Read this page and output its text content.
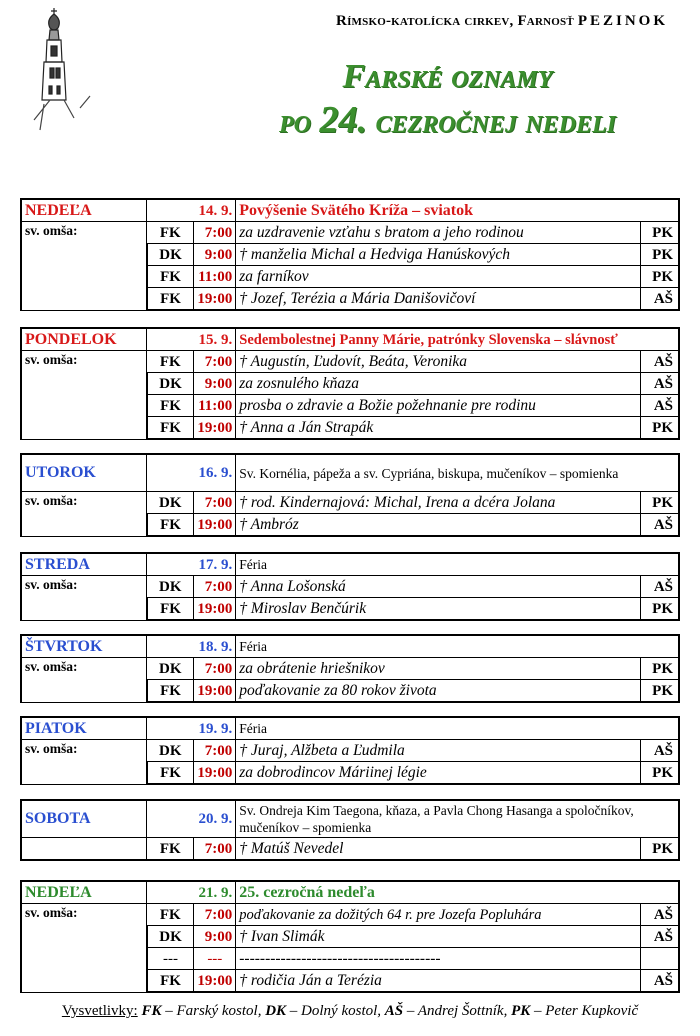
Rímsko-katolícka cirkev, Farnosť PEZINOK
Farské oznamy
po 24. cezročnej nedeli
NEDEĽA	14. 9.		Povýšenie Svätého Kríža – sviatok	
sv. omša:	FK	7:00	za uzdravenie vzťahu s bratom a jeho rodinou	PK
	DK	9:00	† manželia Michal a Hedviga Hanúskových	PK
	FK	11:00	za farníkov	PK
	FK	19:00	† Jozef, Terézia a Mária Danišovičoví	AŠ
PONDELOK	15. 9.		Sedembolestnej Panny Márie, patrónky Slovenska – slávnosť	
sv. omša:	FK	7:00	† Augustín, Ľudovít, Beáta, Veronika	AŠ
	DK	9:00	za zosnulého kňaza	AŠ
	FK	11:00	prosba o zdravie a Božie požehnanie pre rodinu	AŠ
	FK	19:00	† Anna a Ján Strapák	PK
UTOROK	16. 9.		Sv. Kornélia, pápeža a sv. Cypriána, biskupa, mučeníkov – spomienka	
sv. omša:	DK	7:00	† rod. Kindernajová: Michal, Irena a dcéra Jolana	PK
	FK	19:00	† Ambróz	AŠ
STREDA	17. 9.		Féria	
sv. omša:	DK	7:00	† Anna Lošonská	AŠ
	FK	19:00	† Miroslav Benčúrik	PK
ŠTVRTOK	18. 9.		Féria	
sv. omša:	DK	7:00	za obrátenie hriešnikov	PK
	FK	19:00	poďakovanie za 80 rokov života	PK
PIATOK	19. 9.		Féria	
sv. omša:	DK	7:00	† Juraj, Alžbeta a Ľudmila	AŠ
	FK	19:00	za dobrodincov Máriinej légie	PK
SOBOTA	20. 9.		Sv. Ondreja Kim Taegona, kňaza, a Pavla Chong Hasanga a spoločníkov, mučeníkov – spomienka	
	FK	7:00	† Matúš Nevedel	PK
NEDEĽA	21. 9.		25. cezročná nedeľa	
sv. omša:	FK	7:00	poďakovanie za dožitých 64 r. pre Jozefa Popluhára	AŠ
	DK	9:00	† Ivan Slimák	AŠ
	---	---	---------------------------------------	
	FK	19:00	† rodičia Ján a Terézia	AŠ
Vysvetlivky: FK – Farský kostol, DK – Dolný kostol, AŠ – Andrej Šottník, PK – Peter Kupkovič
